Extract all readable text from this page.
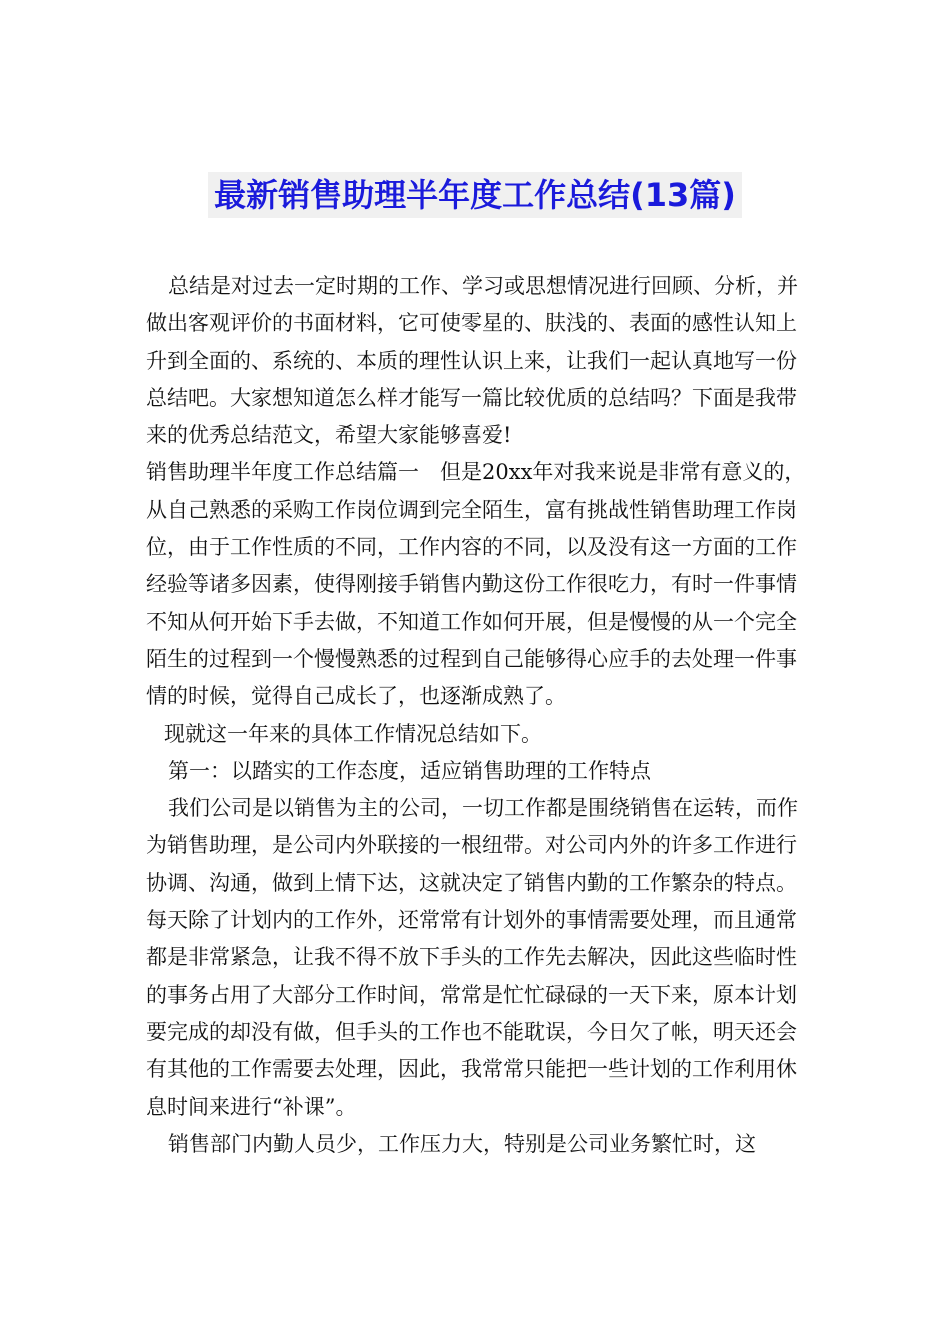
最新销售助理半年度工作总结(13篇)

总结是对过去一定时期的工作、学习或思想情况进行回顾、分析，并做出客观评价的书面材料，它可使零星的、肤浅的、表面的感性认知上升到全面的、系统的、本质的理性认识上来，让我们一起认真地写一份总结吧。大家想知道怎么样才能写一篇比较优质的总结吗？下面是我带来的优秀总结范文，希望大家能够喜爱!

销售助理半年度工作总结篇一　但是20xx年对我来说是非常有意义的，从自己熟悉的采购工作岗位调到完全陌生，富有挑战性销售助理工作岗位，由于工作性质的不同，工作内容的不同，以及没有这一方面的工作经验等诸多因素，使得刚接手销售内勤这份工作很吃力，有时一件事情不知从何开始下手去做，不知道工作如何开展，但是慢慢的从一个完全陌生的过程到一个慢慢熟悉的过程到自己能够得心应手的去处理一件事情的时候，觉得自己成长了，也逐渐成熟了。

现就这一年来的具体工作情况总结如下。

第一：以踏实的工作态度，适应销售助理的工作特点

我们公司是以销售为主的公司，一切工作都是围绕销售在运转，而作为销售助理，是公司内外联接的一根纽带。对公司内外的许多工作进行协调、沟通，做到上情下达，这就决定了销售内勤的工作繁杂的特点。每天除了计划内的工作外，还常常有计划外的事情需要处理，而且通常都是非常紧急，让我不得不放下手头的工作先去解决，因此这些临时性的事务占用了大部分工作时间，常常是忙忙碌碌的一天下来，原本计划要完成的却没有做，但手头的工作也不能耽误，今日欠了帐，明天还会有其他的工作需要去处理，因此，我常常只能把一些计划的工作利用休息时间来进行“补课”。

销售部门内勤人员少，工作压力大，特别是公司业务繁忙时，这
